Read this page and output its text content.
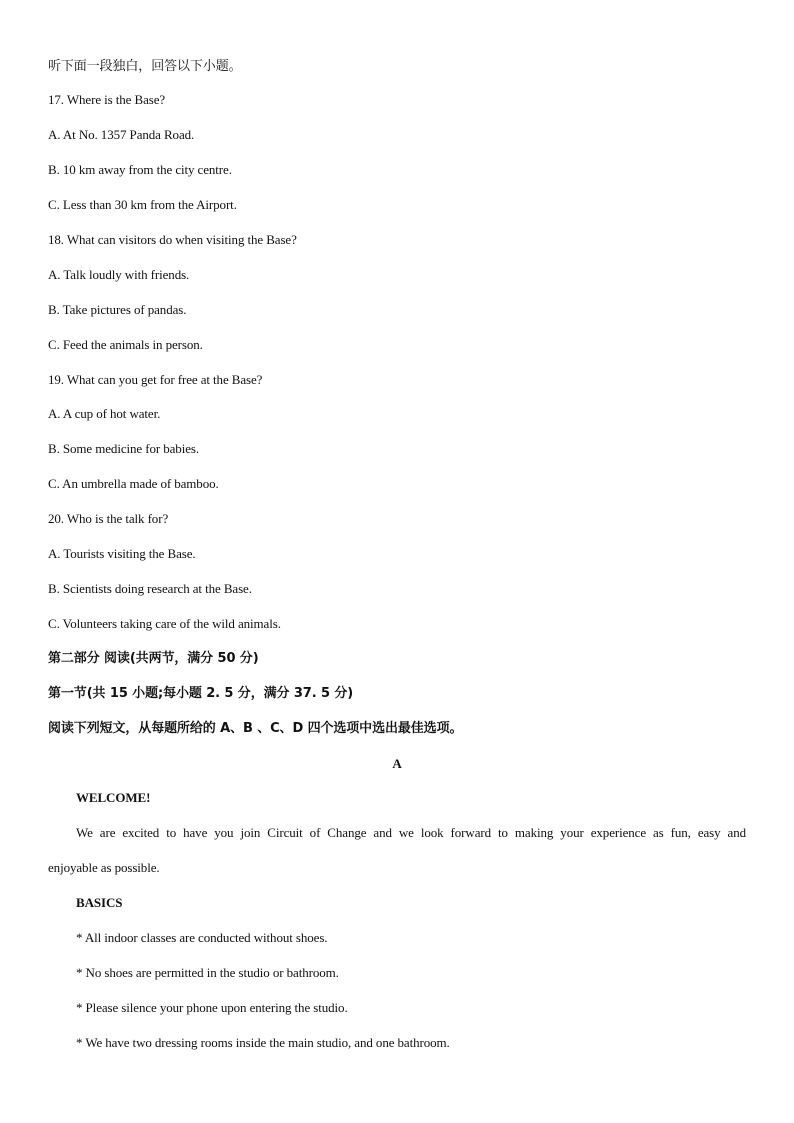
听下面一段独白，回答以下小题。
17. Where is the Base?
A. At No. 1357 Panda Road.
B. 10 km away from the city centre.
C. Less than 30 km from the Airport.
18. What can visitors do when visiting the Base?
A. Talk loudly with friends.
B. Take pictures of pandas.
C. Feed the animals in person.
19. What can you get for free at the Base?
A. A cup of hot water.
B. Some medicine for babies.
C. An umbrella made of bamboo.
20. Who is the talk for?
A. Tourists visiting the Base.
B. Scientists doing research at the Base.
C. Volunteers taking care of the wild animals.
第二部分 阅读(共两节，满分 50 分)
第一节(共 15 小题;每小题 2. 5 分，满分 37. 5 分)
阅读下列短文，从每题所给的 A、B 、C、D 四个选项中选出最佳选项。
A
WELCOME!
We are excited to have you join Circuit of Change and we look forward to making your experience as fun, easy and
enjoyable as possible.
BASICS
* All indoor classes are conducted without shoes.
* No shoes are permitted in the studio or bathroom.
* Please silence your phone upon entering the studio.
* We have two dressing rooms inside the main studio, and one bathroom.
